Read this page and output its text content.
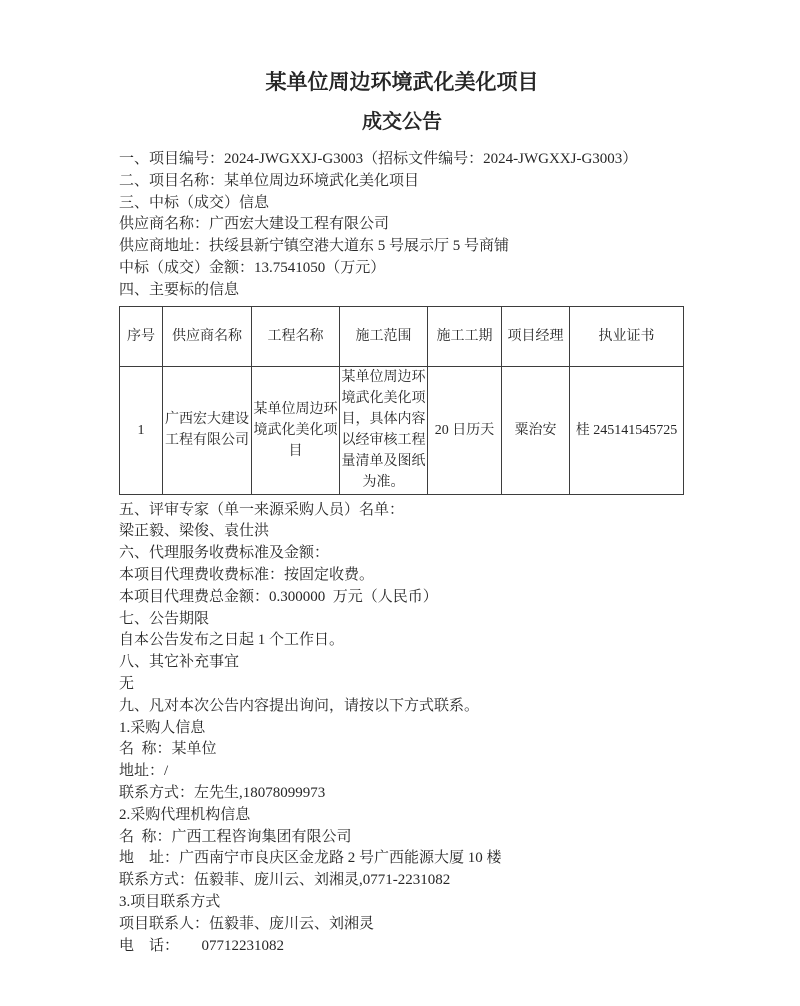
某单位周边环境武化美化项目
成交公告

一、项目编号：2024-JWGXXJ-G3003（招标文件编号：2024-JWGXXJ-G3003）

二、项目名称：某单位周边环境武化美化项目

三、中标（成交）信息

供应商名称：广西宏大建设工程有限公司

供应商地址：扶绥县新宁镇空港大道东 5 号展示厅 5 号商铺

中标（成交）金额：13.7541050（万元）

四、主要标的信息

序号	供应商名称	工程名称	施工范围	施工工期	项目经理	执业证书
1	广西宏大建设工程有限公司	某单位周边环境武化美化项目	某单位周边环境武化美化项目，具体内容以经审核工程量清单及图纸为准。	20 日历天	粟治安	桂 245141545725

五、评审专家（单一来源采购人员）名单：

梁正毅、梁俊、袁仕洪

六、代理服务收费标准及金额：

本项目代理费收费标准：按固定收费。

本项目代理费总金额：0.300000  万元（人民币）

七、公告期限

自本公告发布之日起 1 个工作日。

八、其它补充事宜

无

九、凡对本次公告内容提出询问，请按以下方式联系。

1.采购人信息

名  称：某单位

地址：/

联系方式：左先生,18078099973

2.采购代理机构信息

名  称：广西工程咨询集团有限公司

地　址：广西南宁市良庆区金龙路 2 号广西能源大厦 10 楼

联系方式：伍毅菲、庞川云、刘湘灵,0771-2231082

3.项目联系方式

项目联系人：伍毅菲、庞川云、刘湘灵

电　话：　　07712231082
